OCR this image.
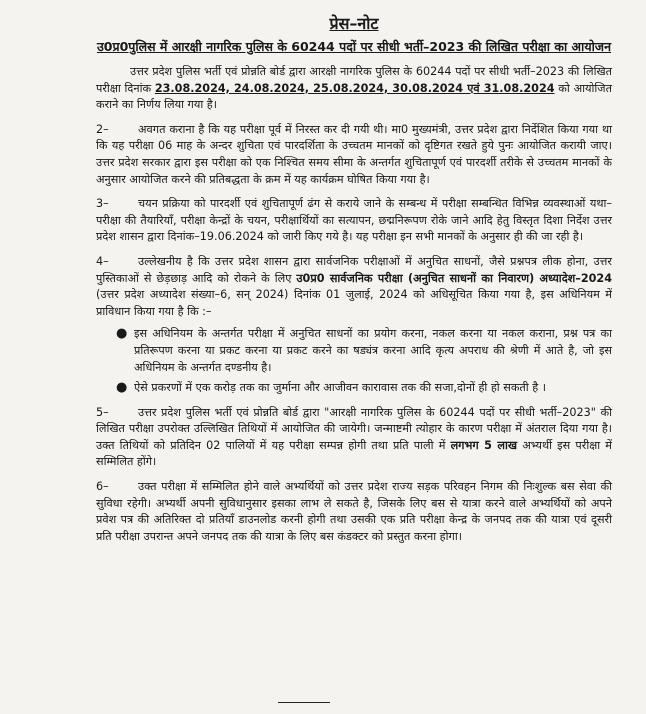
प्रेस–नोट
उ0प्र0पुलिस में आरक्षी नागरिक पुलिस के 60244 पदों पर सीधी भर्ती–2023 की लिखित परीक्षा का आयोजन

उत्तर प्रदेश पुलिस भर्ती एवं प्रोन्नति बोर्ड द्वारा आरक्षी नागरिक पुलिस के 60244 पदों पर सीधी भर्ती–2023 की लिखित परीक्षा दिनांक 23.08.2024, 24.08.2024, 25.08.2024, 30.08.2024 एवं 31.08.2024 को आयोजित कराने का निर्णय लिया गया है।

2–	अवगत कराना है कि यह परीक्षा पूर्व में निरस्त कर दी गयी थी। मा0 मुख्यमंत्री, उत्तर प्रदेश द्वारा निर्देशित किया गया था कि यह परीक्षा 06 माह के अन्दर शुचिता एवं पारदर्शिता के उच्चतम मानकों को दृष्टिगत रखते हुये पुनः आयोजित करायी जाए। उत्तर प्रदेश सरकार द्वारा इस परीक्षा को एक निश्चित समय सीमा के अन्तर्गत शुचितापूर्ण एवं पारदर्शी तरीके से उच्चतम मानकों के अनुसार आयोजित करने की प्रतिबद्धता के क्रम में यह कार्यक्रम घोषित किया गया है।

3–	चयन प्रक्रिया को पारदर्शी एवं शुचितापूर्ण ढंग से कराये जाने के सम्बन्ध में परीक्षा सम्बन्धित विभिन्न व्यवस्थाओं यथा–परीक्षा की तैयारियाँ, परीक्षा केन्द्रों के चयन, परीक्षार्थियों का सत्यापन, छद्मनिरूपण रोके जाने आदि हेतु विस्तृत दिशा निर्देश उत्तर प्रदेश शासन द्वारा दिनांक–19.06.2024 को जारी किए गये है। यह परीक्षा इन सभी मानकों के अनुसार ही की जा रही है।

4–	उल्लेखनीय है कि उत्तर प्रदेश शासन द्वारा सार्वजनिक परीक्षाओं में अनुचित साधनों, जैसे प्रश्नपत्र लीक होना, उत्तर पुस्तिकाओं से छेड़छाड़ आदि को रोकने के लिए उ0प्र0 सार्वजनिक परीक्षा (अनुचित साधनों का निवारण) अध्यादेश–2024 (उत्तर प्रदेश अध्यादेश संख्या–6, सन् 2024) दिनांक 01 जुलाई, 2024 को अधिसूचित किया गया है, इस अधिनियम में प्राविधान किया गया है कि :–

● इस अधिनियम के अन्तर्गत परीक्षा में अनुचित साधनों का प्रयोग करना, नकल करना या नकल कराना, प्रश्न पत्र का प्रतिरूपण करना या प्रकट करना या प्रकट करने का षड्यंत्र करना आदि कृत्य अपराध की श्रेणी में आते है, जो इस अधिनियम के अन्तर्गत दण्डनीय है।
● ऐसे प्रकरणों में एक करोड़ तक का जुर्माना और आजीवन कारावास तक की सजा,दोनों ही हो सकती है ।

5–	उत्तर प्रदेश पुलिस भर्ती एवं प्रोन्नति बोर्ड द्वारा "आरक्षी नागरिक पुलिस के 60244 पदों पर सीधी भर्ती–2023" की लिखित परीक्षा उपरोक्त उल्लिखित तिथियों में आयोजित की जायेगी। जन्माष्टमी त्योहार के कारण परीक्षा में अंतराल दिया गया है। उक्त तिथियों को प्रतिदिन 02 पालियों में यह परीक्षा सम्पन्न होगी तथा प्रति पाली में लगभग 5 लाख अभ्यर्थी इस परीक्षा में सम्मिलित होंगे।

6–	उक्त परीक्षा में सम्मिलित होने वाले अभ्यर्थियों को उत्तर प्रदेश राज्य सड़क परिवहन निगम की निःशुल्क बस सेवा की सुविधा रहेगी। अभ्यर्थी अपनी सुविधानुसार इसका लाभ ले सकते है, जिसके लिए बस से यात्रा करने वाले अभ्यर्थियों को अपने प्रवेश पत्र की अतिरिक्त दो प्रतियाँ डाउनलोड करनी होगी तथा उसकी एक प्रति परीक्षा केन्द्र के जनपद तक की यात्रा एवं दूसरी प्रति परीक्षा उपरान्त अपने जनपद तक की यात्रा के लिए बस कंडक्टर को प्रस्तुत करना होगा।
